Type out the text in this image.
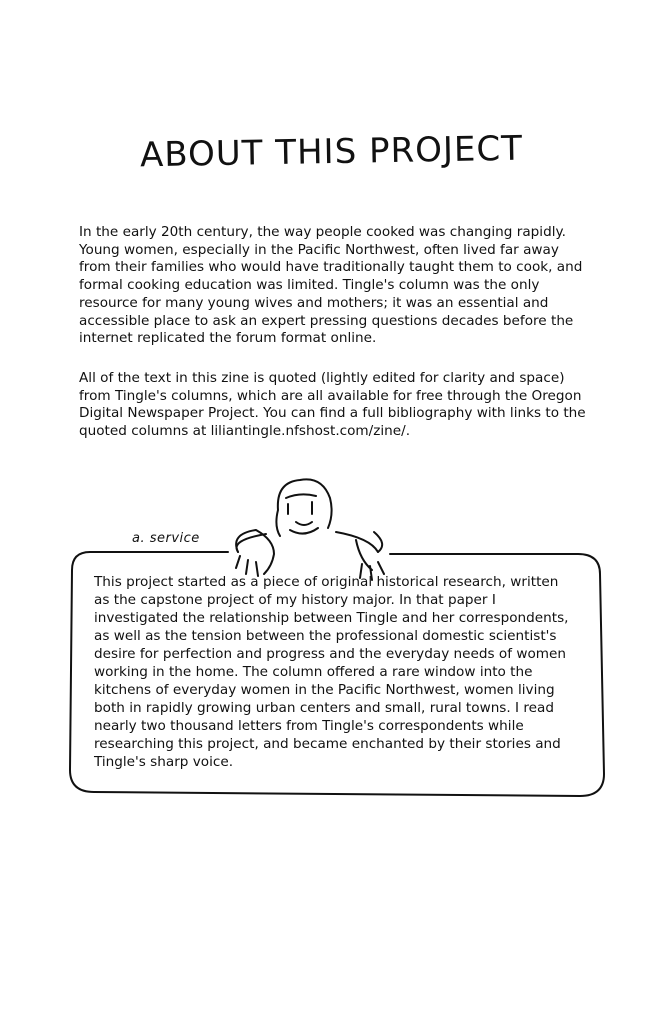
ABOUT THIS PROJECT

In the early 20th century, the way people cooked was changing rapidly. Young women, especially in the Pacific Northwest, often lived far away from their families who would have traditionally taught them to cook, and formal cooking education was limited. Tingle's column was the only resource for many young wives and mothers; it was an essential and accessible place to ask an expert pressing questions decades before the internet replicated the forum format online.

All of the text in this zine is quoted (lightly edited for clarity and space) from Tingle's columns, which are all available for free through the Oregon Digital Newspaper Project. You can find a full bibliography with links to the quoted columns at liliantingle.nfshost.com/zine/.

a. service

This project started as a piece of original historical research, written as the capstone project of my history major. In that paper I investigated the relationship between Tingle and her correspondents, as well as the tension between the professional domestic scientist's desire for perfection and progress and the everyday needs of women working in the home. The column offered a rare window into the kitchens of everyday women in the Pacific Northwest, women living both in rapidly growing urban centers and small, rural towns. I read nearly two thousand letters from Tingle's correspondents while researching this project, and became enchanted by their stories and Tingle's sharp voice.
